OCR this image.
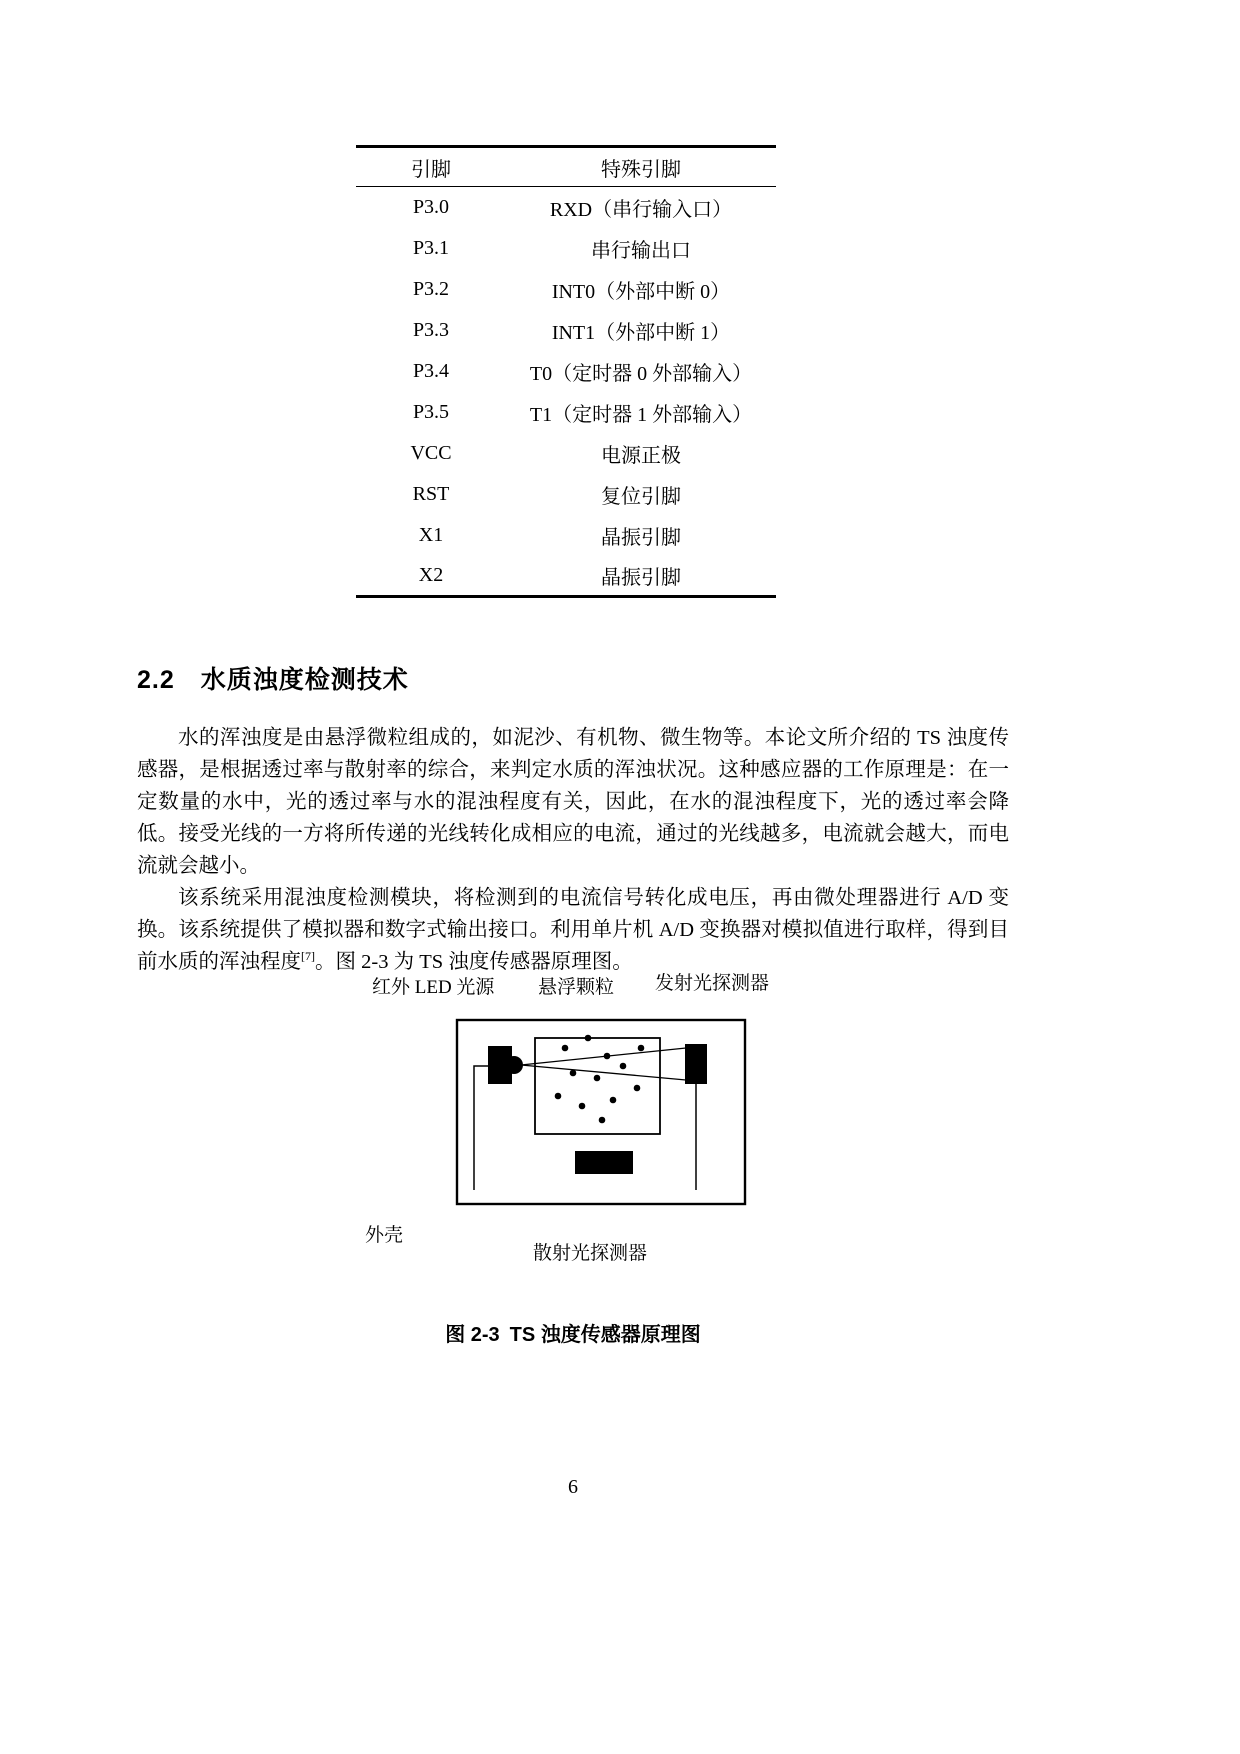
引脚	特殊引脚
P3.0	RXD（串行输入口）
P3.1	串行输出口
P3.2	INT0（外部中断 0）
P3.3	INT1（外部中断 1）
P3.4	T0（定时器 0 外部输入）
P3.5	T1（定时器 1 外部输入）
VCC	电源正极
RST	复位引脚
X1	晶振引脚
X2	晶振引脚
2.2 水质浊度检测技术

水的浑浊度是由悬浮微粒组成的，如泥沙、有机物、微生物等。本论文所介绍的 TS 浊度传感器，是根据透过率与散射率的综合，来判定水质的浑浊状况。这种感应器的工作原理是：在一定数量的水中，光的透过率与水的混浊程度有关，因此，在水的混浊程度下，光的透过率会降低。接受光线的一方将所传递的光线转化成相应的电流，通过的光线越多，电流就会越大，而电流就会越小。

该系统采用混浊度检测模块，将检测到的电流信号转化成电压，再由微处理器进行 A/D 变换。该系统提供了模拟器和数字式输出接口。利用单片机 A/D 变换器对模拟值进行取样，得到目前水质的浑浊程度[7]。图 2-3 为 TS 浊度传感器原理图。

红外 LED 光源 悬浮颗粒 发射光探测器
外壳
散射光探测器
图 2-3 TS 浊度传感器原理图
6
